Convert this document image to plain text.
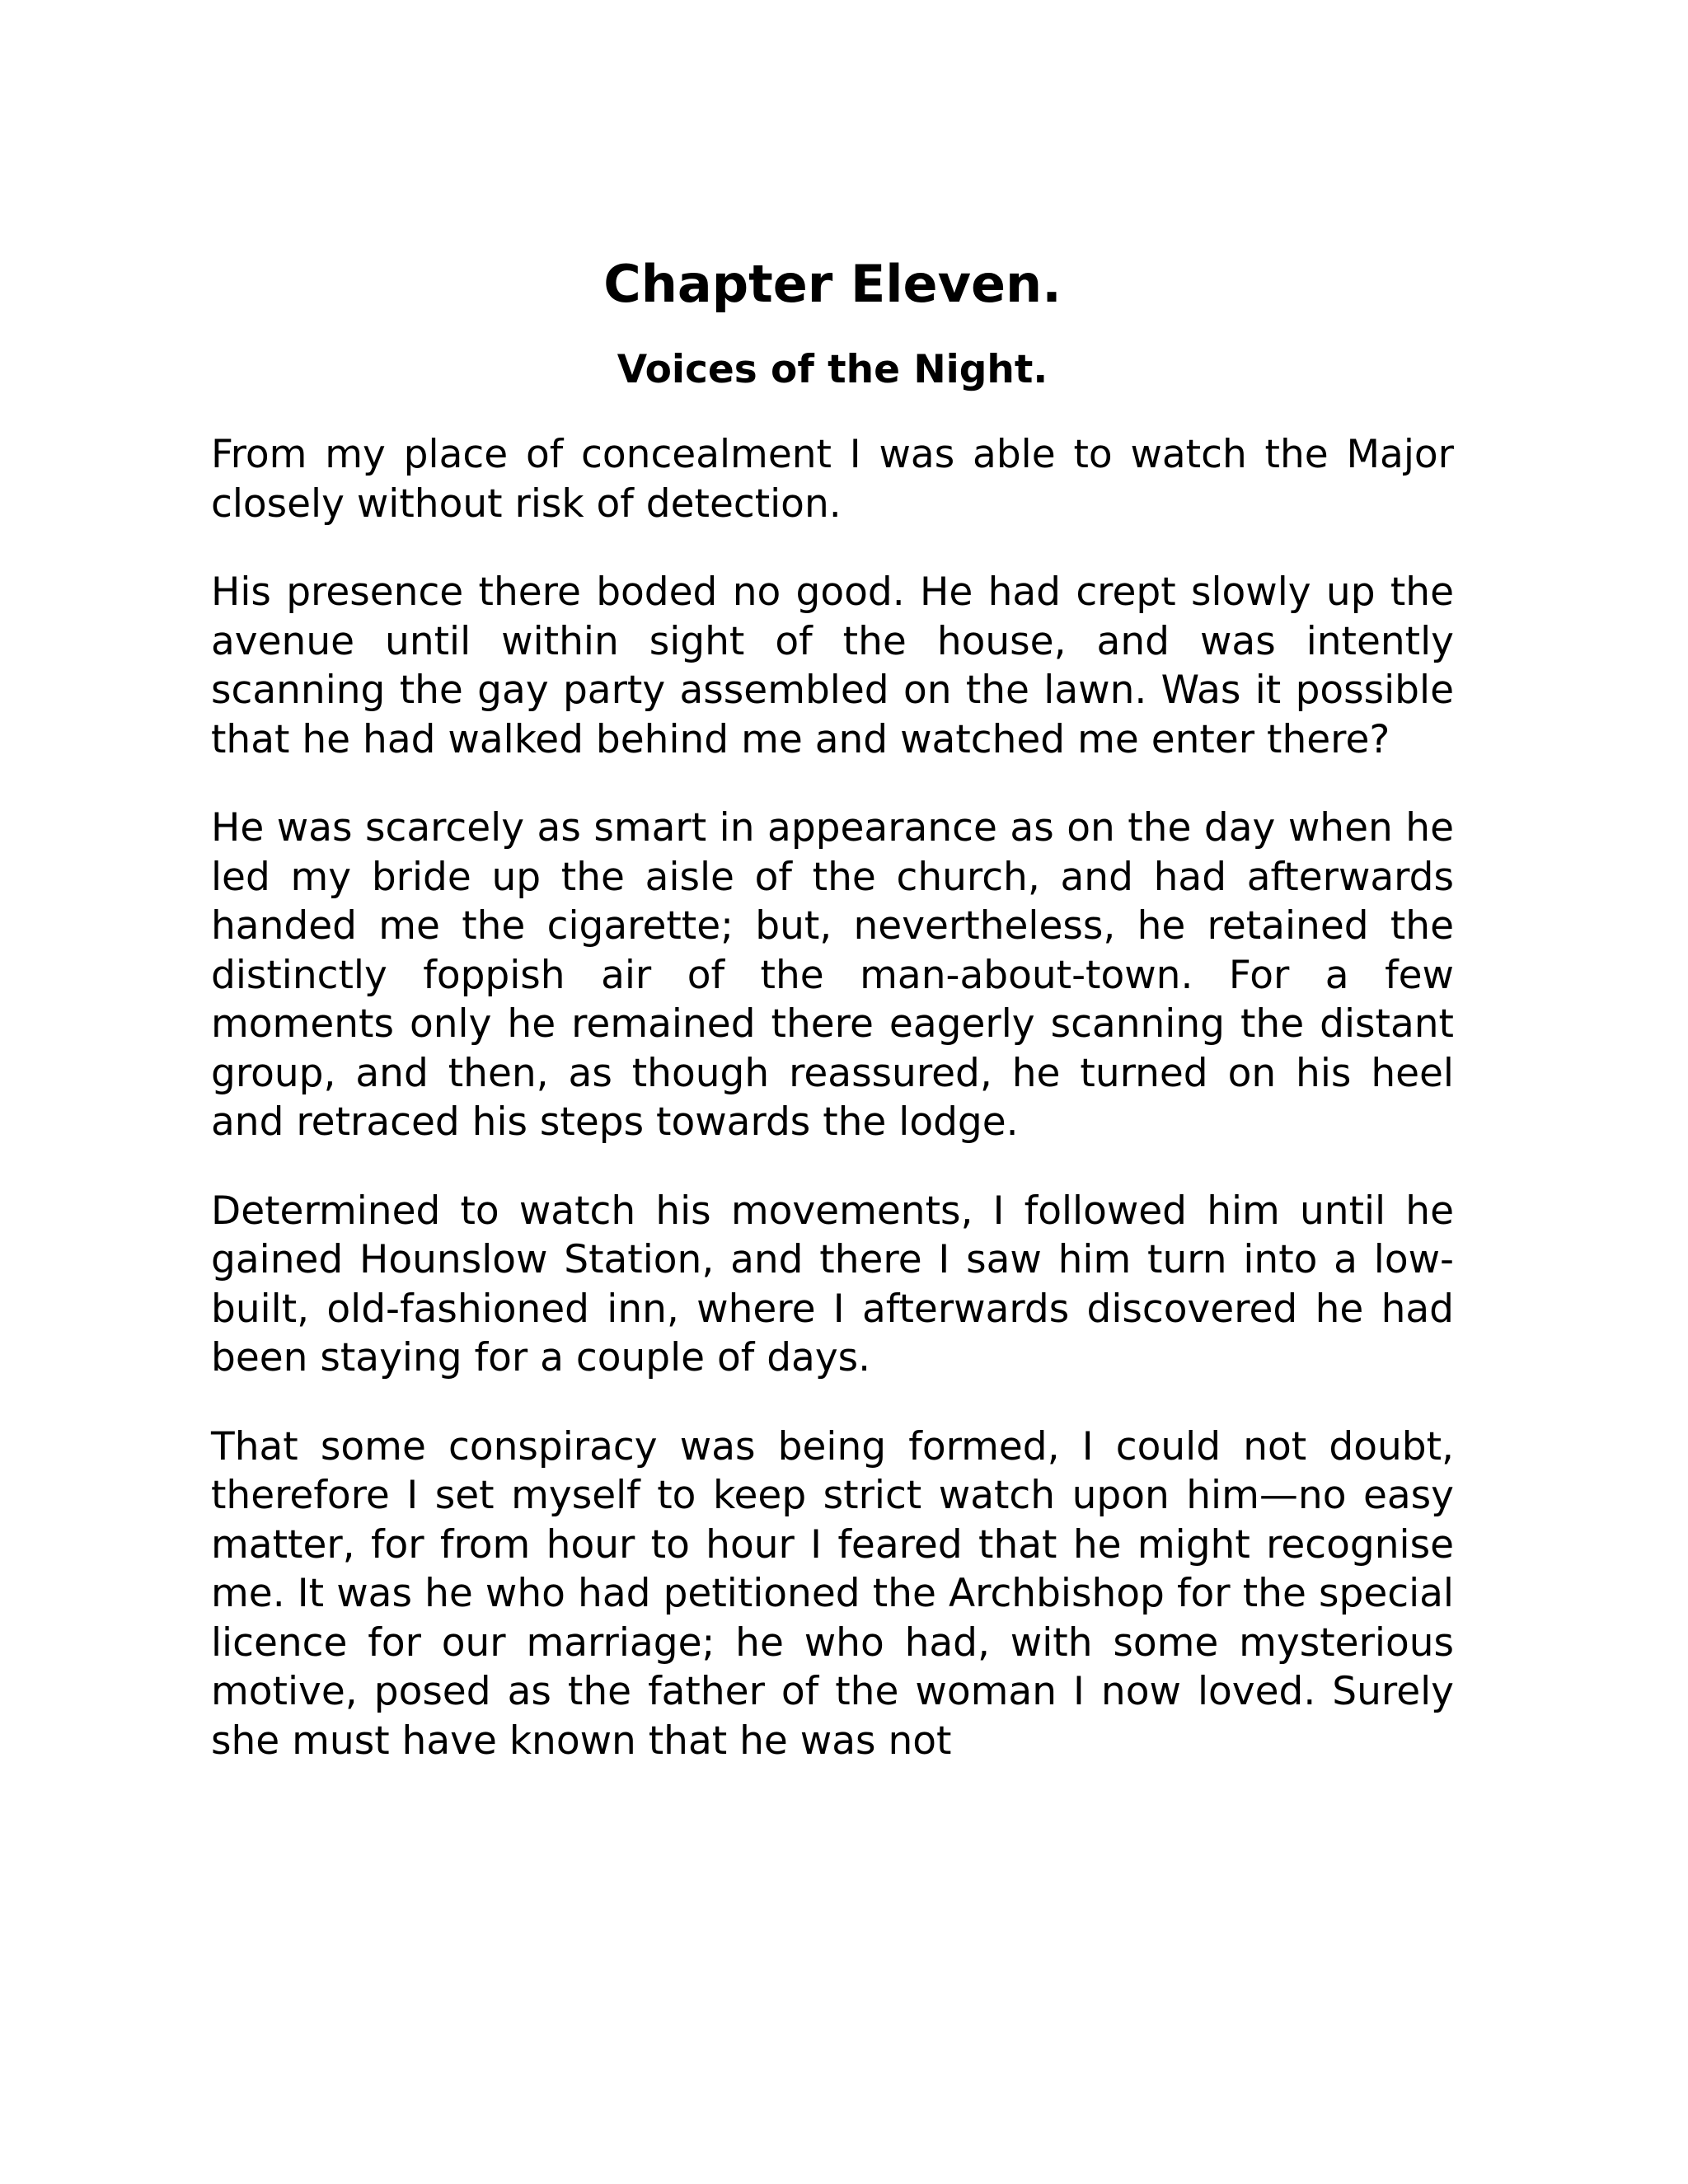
Chapter Eleven.
Voices of the Night.

From my place of concealment I was able to watch the Major closely without risk of detection.

His presence there boded no good. He had crept slowly up the avenue until within sight of the house, and was intently scanning the gay party assembled on the lawn. Was it possible that he had walked behind me and watched me enter there?

He was scarcely as smart in appearance as on the day when he led my bride up the aisle of the church, and had afterwards handed me the cigarette; but, nevertheless, he retained the distinctly foppish air of the man-about-town. For a few moments only he remained there eagerly scanning the distant group, and then, as though reassured, he turned on his heel and retraced his steps towards the lodge.

Determined to watch his movements, I followed him until he gained Hounslow Station, and there I saw him turn into a low-built, old-fashioned inn, where I afterwards discovered he had been staying for a couple of days.

That some conspiracy was being formed, I could not doubt, therefore I set myself to keep strict watch upon him—no easy matter, for from hour to hour I feared that he might recognise me. It was he who had petitioned the Archbishop for the special licence for our marriage; he who had, with some mysterious motive, posed as the father of the woman I now loved. Surely she must have known that he was not
